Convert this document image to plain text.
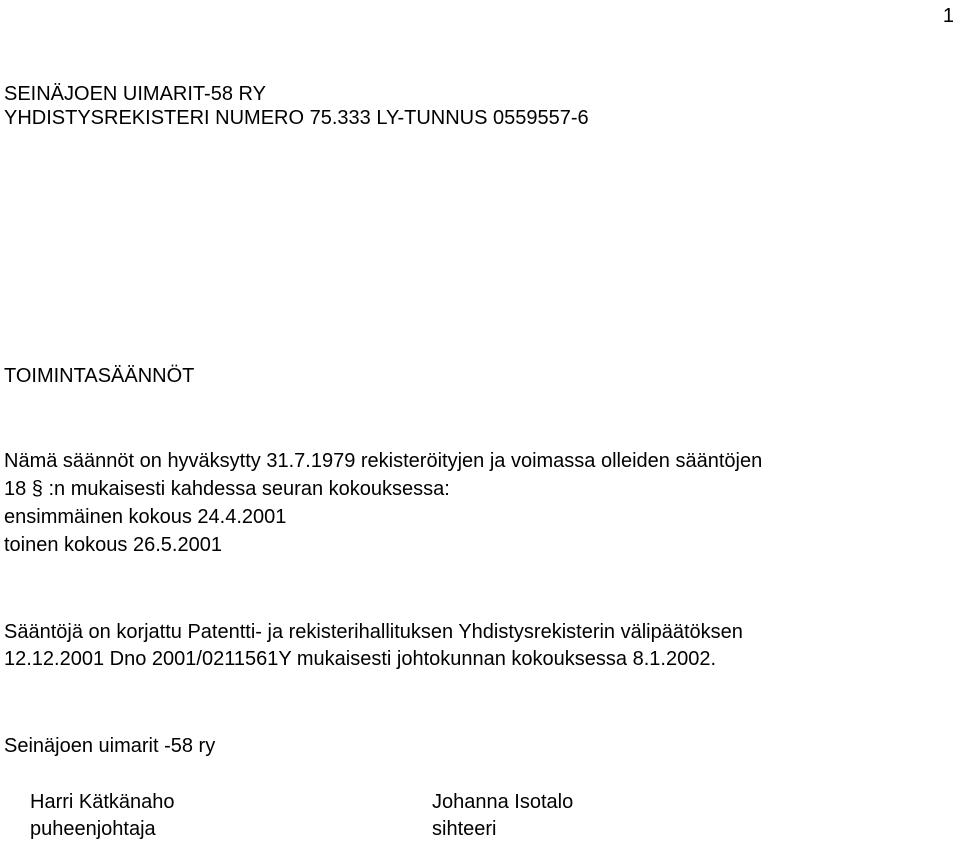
1
SEINÄJOEN UIMARIT-58 RY
YHDISTYSREKISTERI NUMERO 75.333 LY-TUNNUS 0559557-6
TOIMINTASÄÄNNÖT
Nämä säännöt on hyväksytty 31.7.1979 rekisteröityjen ja voimassa olleiden sääntöjen
18 § :n mukaisesti kahdessa seuran kokouksessa:
ensimmäinen kokous 24.4.2001
toinen kokous 26.5.2001
Sääntöjä on korjattu Patentti- ja rekisterihallituksen Yhdistysrekisterin välipäätöksen
12.12.2001 Dno 2001/0211561Y mukaisesti johtokunnan kokouksessa 8.1.2002.
Seinäjoen uimarit -58 ry
Harri Kätkänaho
puheenjohtaja
Johanna Isotalo
sihteeri
